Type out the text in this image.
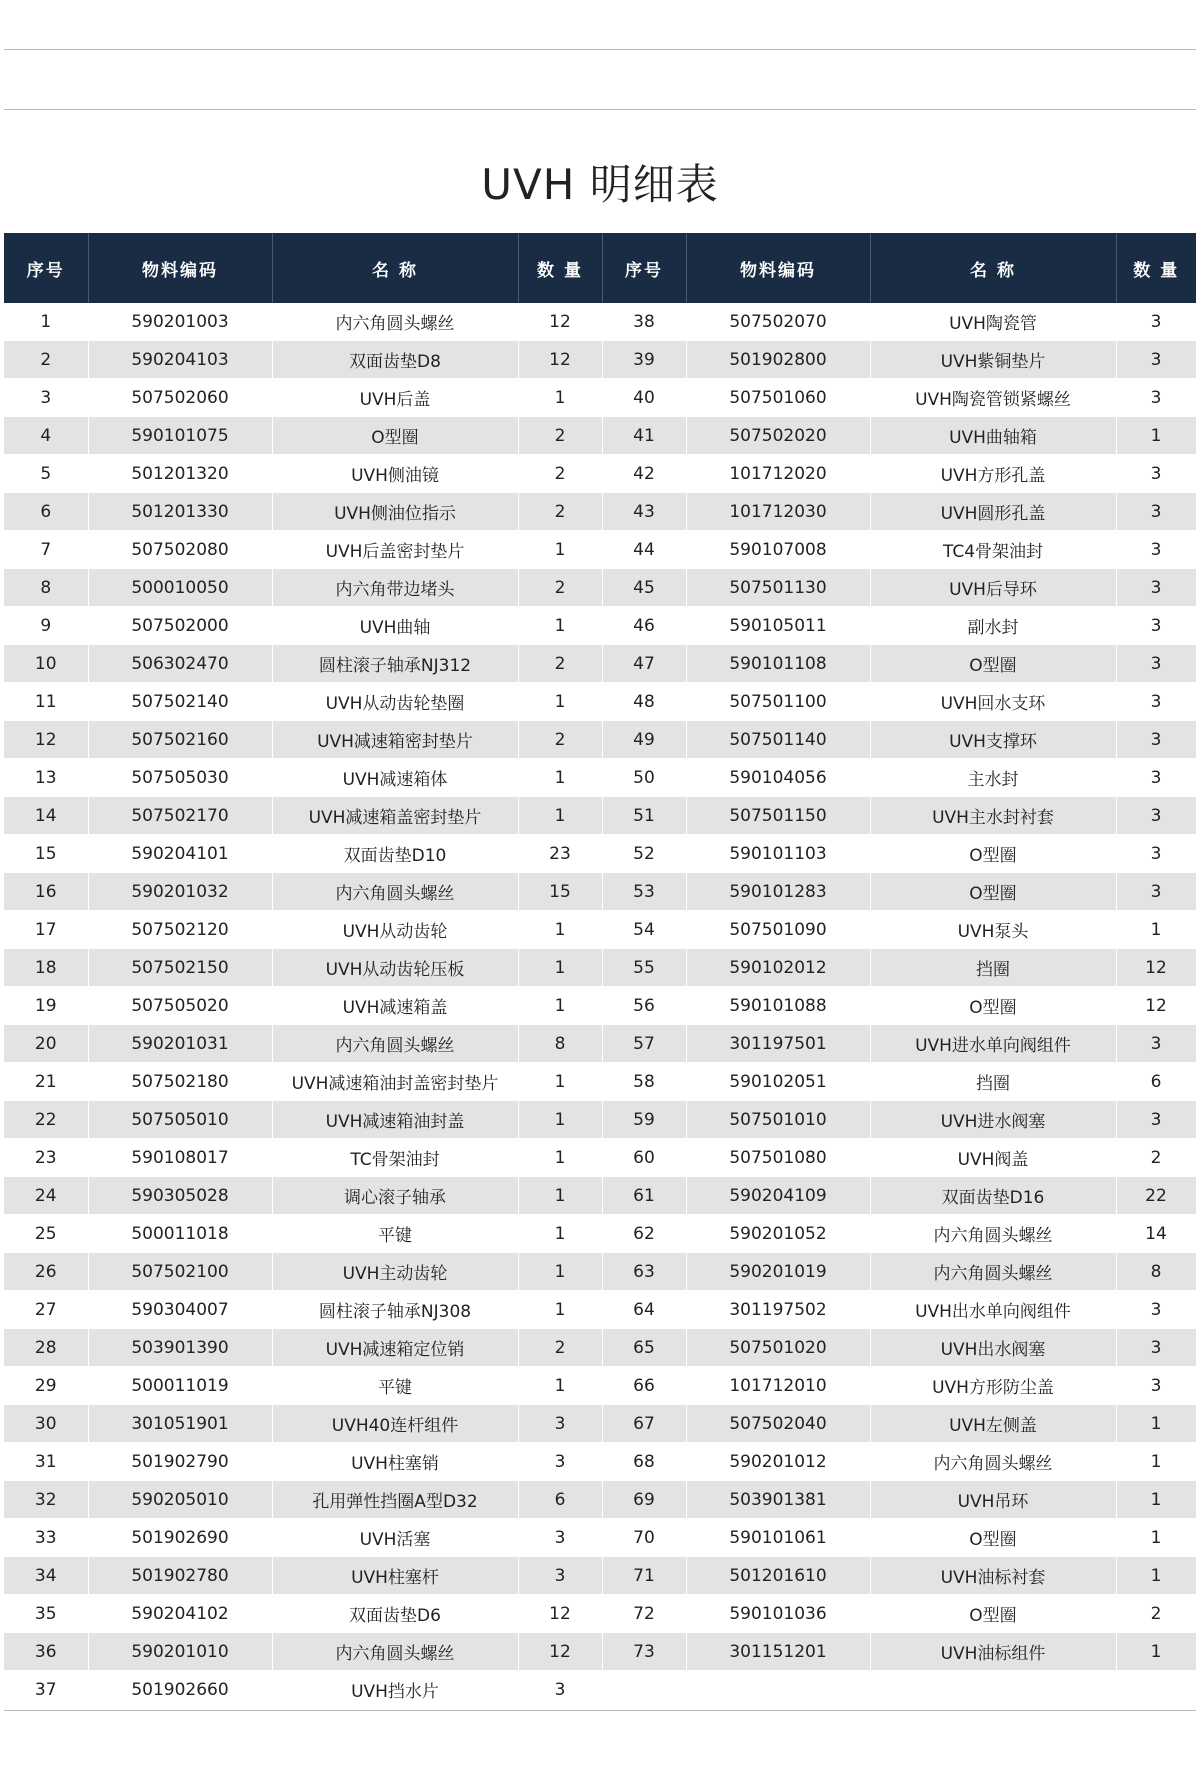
UVH 明细表
序号	物料编码	名 称	数 量	序号	物料编码	名 称	数 量
1	590201003	内六角圆头螺丝	12	38	507502070	UVH陶瓷管	3
2	590204103	双面齿垫D8	12	39	501902800	UVH紫铜垫片	3
3	507502060	UVH后盖	1	40	507501060	UVH陶瓷管锁紧螺丝	3
4	590101075	O型圈	2	41	507502020	UVH曲轴箱	1
5	501201320	UVH侧油镜	2	42	101712020	UVH方形孔盖	3
6	501201330	UVH侧油位指示	2	43	101712030	UVH圆形孔盖	3
7	507502080	UVH后盖密封垫片	1	44	590107008	TC4骨架油封	3
8	500010050	内六角带边堵头	2	45	507501130	UVH后导环	3
9	507502000	UVH曲轴	1	46	590105011	副水封	3
10	506302470	圆柱滚子轴承NJ312	2	47	590101108	O型圈	3
11	507502140	UVH从动齿轮垫圈	1	48	507501100	UVH回水支环	3
12	507502160	UVH减速箱密封垫片	2	49	507501140	UVH支撑环	3
13	507505030	UVH减速箱体	1	50	590104056	主水封	3
14	507502170	UVH减速箱盖密封垫片	1	51	507501150	UVH主水封衬套	3
15	590204101	双面齿垫D10	23	52	590101103	O型圈	3
16	590201032	内六角圆头螺丝	15	53	590101283	O型圈	3
17	507502120	UVH从动齿轮	1	54	507501090	UVH泵头	1
18	507502150	UVH从动齿轮压板	1	55	590102012	挡圈	12
19	507505020	UVH减速箱盖	1	56	590101088	O型圈	12
20	590201031	内六角圆头螺丝	8	57	301197501	UVH进水单向阀组件	3
21	507502180	UVH减速箱油封盖密封垫片	1	58	590102051	挡圈	6
22	507505010	UVH减速箱油封盖	1	59	507501010	UVH进水阀塞	3
23	590108017	TC骨架油封	1	60	507501080	UVH阀盖	2
24	590305028	调心滚子轴承	1	61	590204109	双面齿垫D16	22
25	500011018	平键	1	62	590201052	内六角圆头螺丝	14
26	507502100	UVH主动齿轮	1	63	590201019	内六角圆头螺丝	8
27	590304007	圆柱滚子轴承NJ308	1	64	301197502	UVH出水单向阀组件	3
28	503901390	UVH减速箱定位销	2	65	507501020	UVH出水阀塞	3
29	500011019	平键	1	66	101712010	UVH方形防尘盖	3
30	301051901	UVH40连杆组件	3	67	507502040	UVH左侧盖	1
31	501902790	UVH柱塞销	3	68	590201012	内六角圆头螺丝	1
32	590205010	孔用弹性挡圈A型D32	6	69	503901381	UVH吊环	1
33	501902690	UVH活塞	3	70	590101061	O型圈	1
34	501902780	UVH柱塞杆	3	71	501201610	UVH油标衬套	1
35	590204102	双面齿垫D6	12	72	590101036	O型圈	2
36	590201010	内六角圆头螺丝	12	73	301151201	UVH油标组件	1
37	501902660	UVH挡水片	3				
